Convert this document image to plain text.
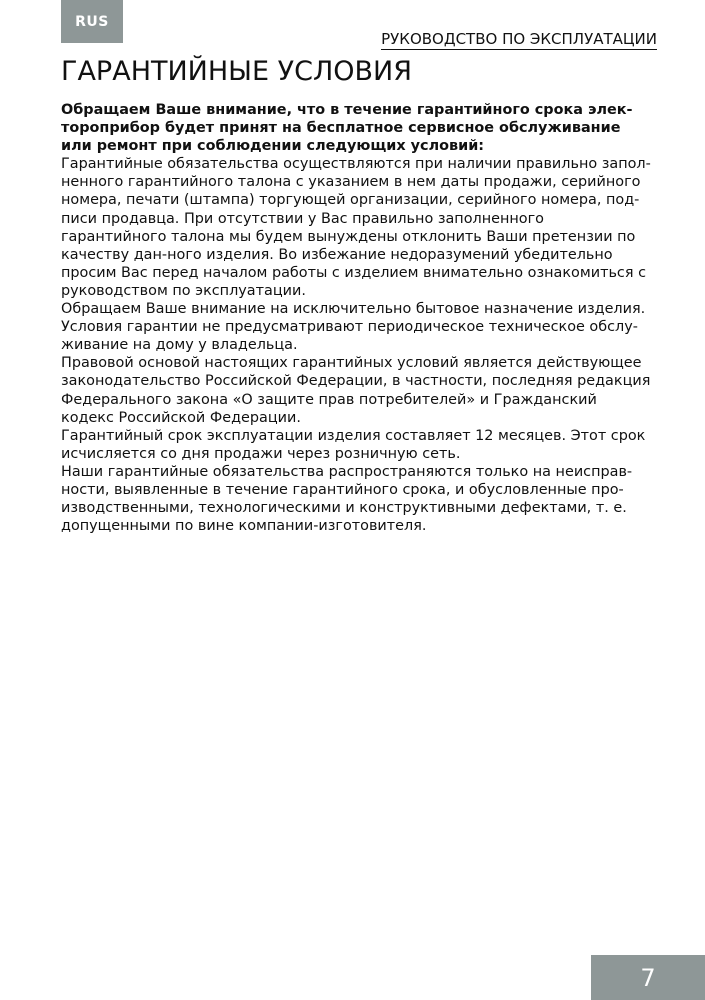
RUS
РУКОВОДСТВО ПО ЭКСПЛУАТАЦИИ
ГАРАНТИЙНЫЕ УСЛОВИЯ

Обращаем Ваше внимание, что в течение гарантийного срока элек-тороприбор будет принят на бесплатное сервисное обслуживание или ремонт при соблюдении следующих условий:

Гарантийные обязательства осуществляются при наличии правильно запол-ненного гарантийного талона с указанием в нем даты продажи, серийного номера, печати (штампа) торгующей организации, серийного номера, под-писи продавца. При отсутствии у Вас правильно заполненного гарантийного талона мы будем вынуждены отклонить Ваши претензии по качеству дан-ного изделия. Во избежание недоразумений убедительно просим Вас перед началом работы с изделием внимательно ознакомиться с руководством по эксплуатации.

Обращаем Ваше внимание на исключительно бытовое назначение изделия. Условия гарантии не предусматривают периодическое техническое обслу-живание на дому у владельца.

Правовой основой настоящих гарантийных условий является действующее законодательство Российской Федерации, в частности, последняя редакция Федерального закона «О защите прав потребителей» и Гражданский кодекс Российской Федерации.

Гарантийный срок эксплуатации изделия составляет 12 месяцев. Этот срок исчисляется со дня продажи через розничную сеть.

Наши гарантийные обязательства распространяются только на неисправ-ности, выявленные в течение гарантийного срока, и обусловленные про-изводственными, технологическими и конструктивными дефектами, т. е. допущенными по вине компании-изготовителя.

7
